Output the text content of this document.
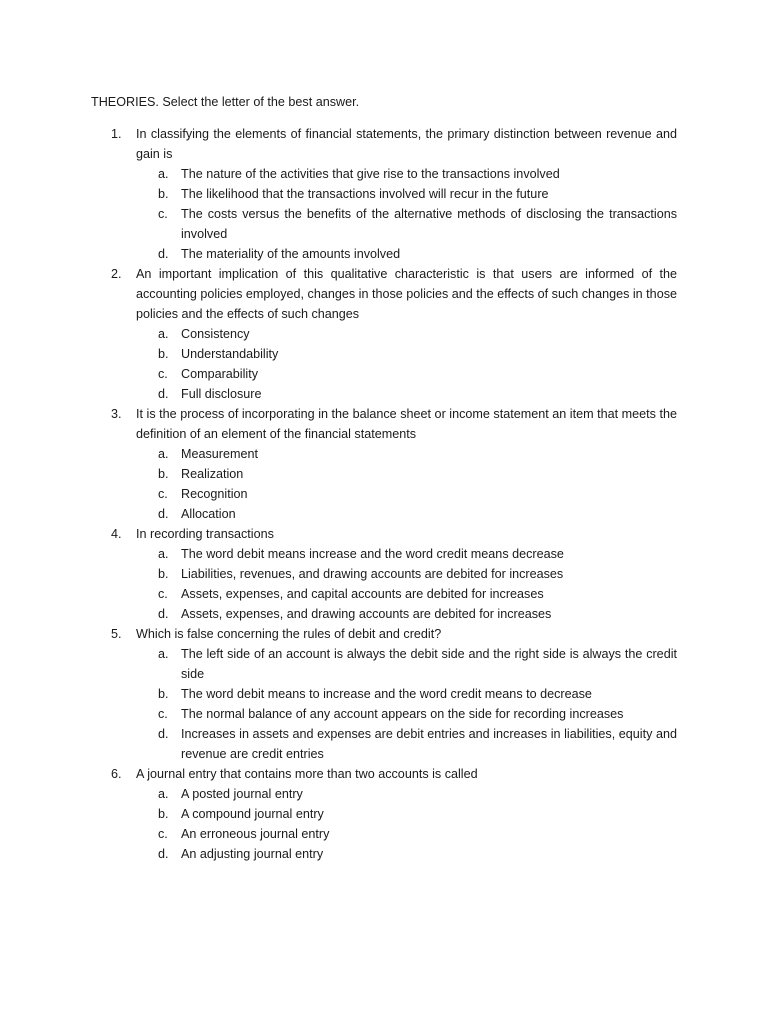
THEORIES. Select the letter of the best answer.

1. In classifying the elements of financial statements, the primary distinction between revenue and gain is
a. The nature of the activities that give rise to the transactions involved
b. The likelihood that the transactions involved will recur in the future
c. The costs versus the benefits of the alternative methods of disclosing the transactions involved
d. The materiality of the amounts involved
2. An important implication of this qualitative characteristic is that users are informed of the accounting policies employed, changes in those policies and the effects of such changes in those policies and the effects of such changes
a. Consistency
b. Understandability
c. Comparability
d. Full disclosure
3. It is the process of incorporating in the balance sheet or income statement an item that meets the definition of an element of the financial statements
a. Measurement
b. Realization
c. Recognition
d. Allocation
4. In recording transactions
a. The word debit means increase and the word credit means decrease
b. Liabilities, revenues, and drawing accounts are debited for increases
c. Assets, expenses, and capital accounts are debited for increases
d. Assets, expenses, and drawing accounts are debited for increases
5. Which is false concerning the rules of debit and credit?
a. The left side of an account is always the debit side and the right side is always the credit side
b. The word debit means to increase and the word credit means to decrease
c. The normal balance of any account appears on the side for recording increases
d. Increases in assets and expenses are debit entries and increases in liabilities, equity and revenue are credit entries
6. A journal entry that contains more than two accounts is called
a. A posted journal entry
b. A compound journal entry
c. An erroneous journal entry
d. An adjusting journal entry
